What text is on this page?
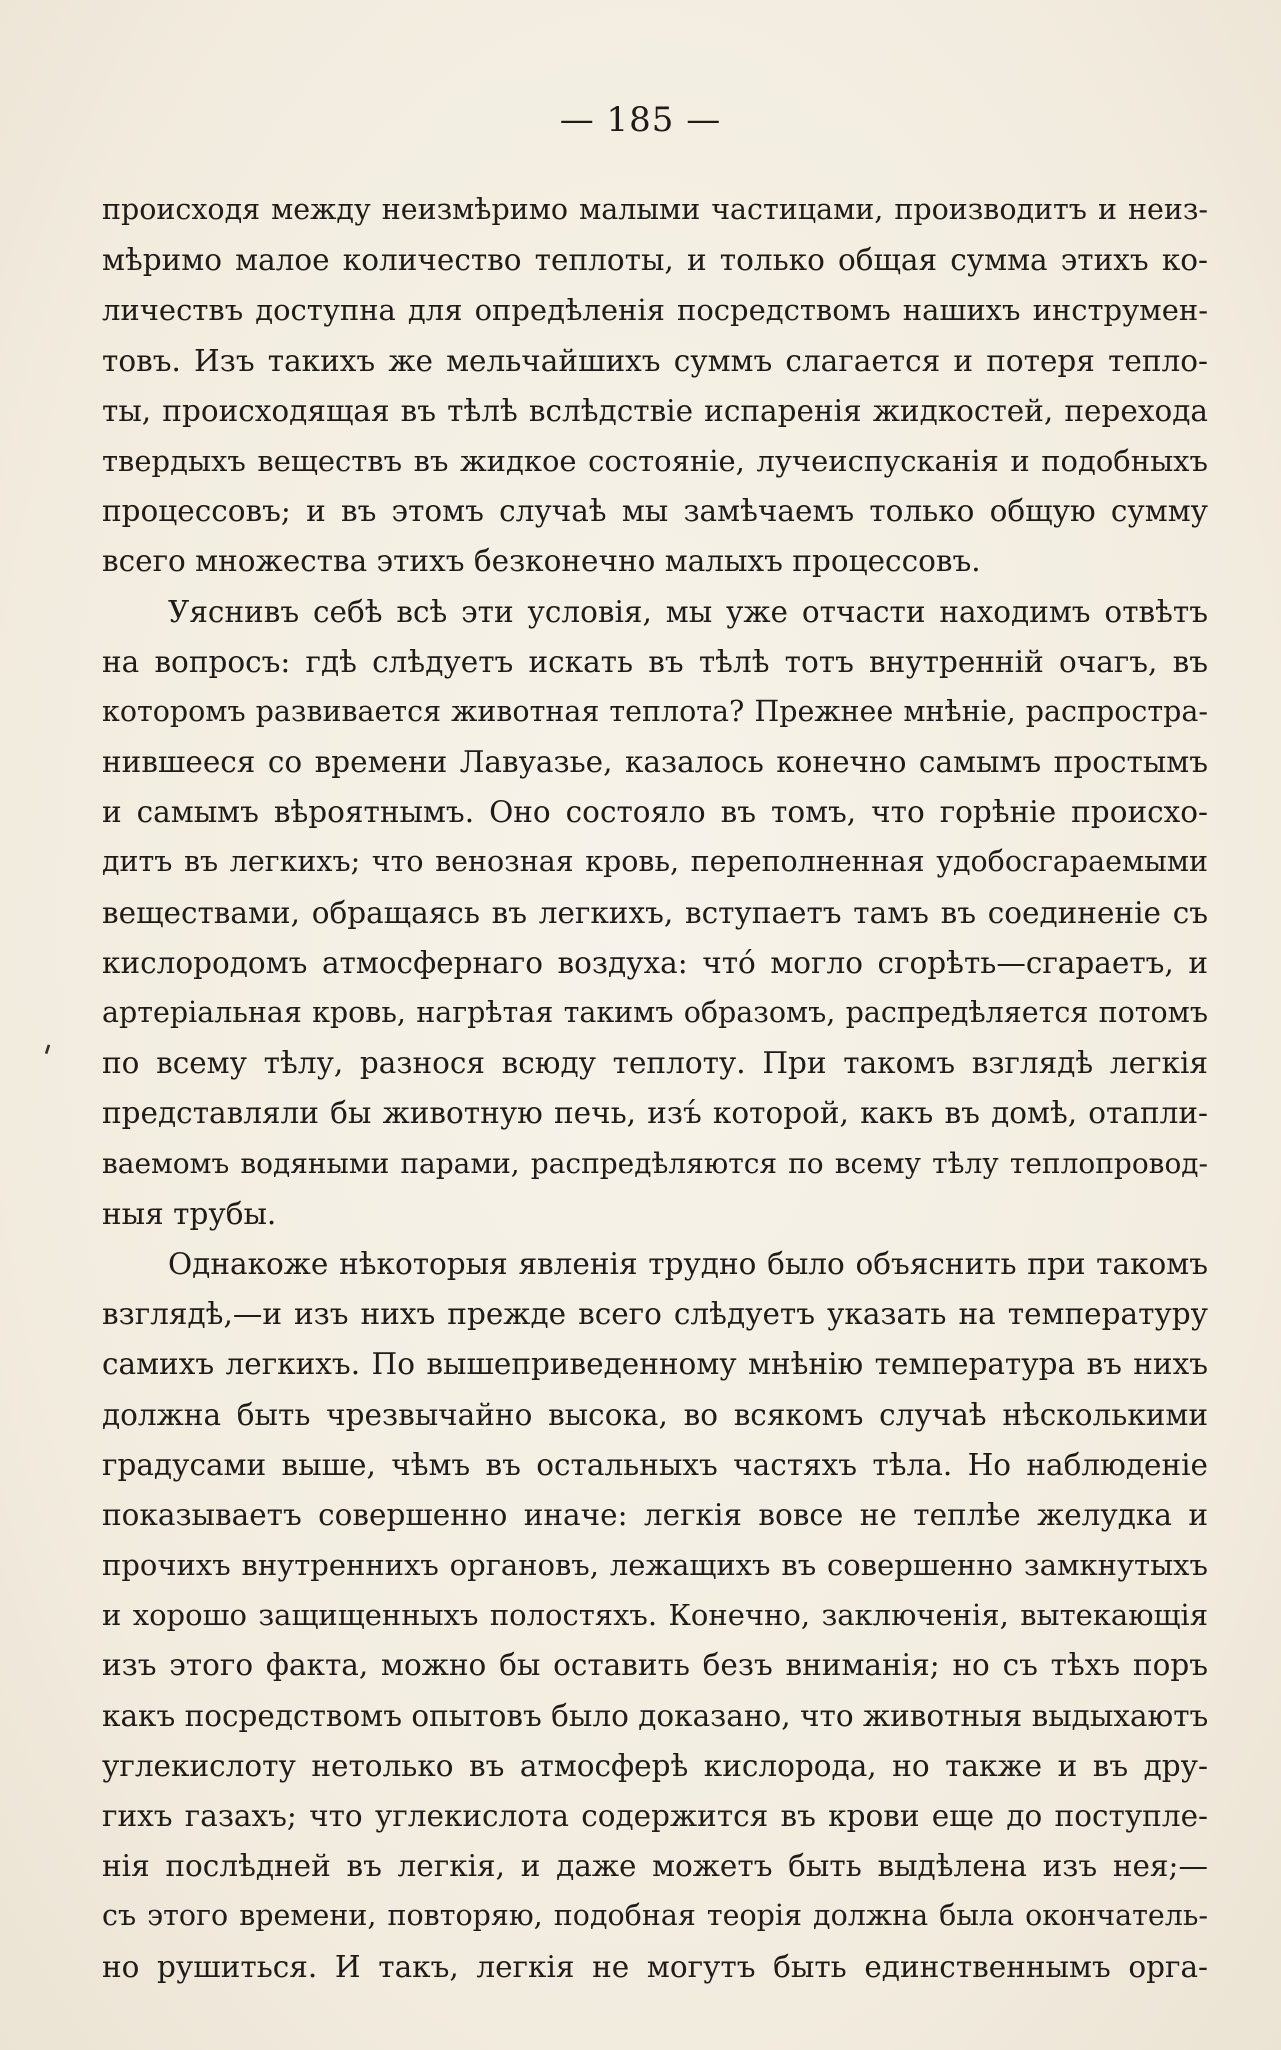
— 185 —
'
происходя между неизмѣримо малыми частицами, производитъ и неиз-
мѣримо малое количество теплоты, и только общая сумма этихъ ко-
личествъ доступна для опредѣленія посредствомъ нашихъ инструмен-
товъ. Изъ такихъ же мельчайшихъ суммъ слагается и потеря тепло-
ты, происходящая въ тѣлѣ вслѣдствіе испаренія жидкостей, перехода
твердыхъ веществъ въ жидкое состояніе, лучеиспусканія и подобныхъ
процессовъ; и въ этомъ случаѣ мы замѣчаемъ только общую сумму
всего множества этихъ безконечно малыхъ процессовъ.
Уяснивъ себѣ всѣ эти условія, мы уже отчасти находимъ отвѣтъ
на вопросъ: гдѣ слѣдуетъ искать въ тѣлѣ тотъ внутренній очагъ, въ
которомъ развивается животная теплота? Прежнее мнѣніе, распростра-
нившееся со времени Лавуазье, казалось конечно самымъ простымъ
и самымъ вѣроятнымъ. Оно состояло въ томъ, что горѣніе происхо-
дитъ въ легкихъ; что венозная кровь, переполненная удобосгараемыми
веществами, обращаясь въ легкихъ, вступаетъ тамъ въ соединеніе съ
кислородомъ атмосфернаго воздуха: что́ могло сгорѣть—сгараетъ, и
артеріальная кровь, нагрѣтая такимъ образомъ, распредѣляется потомъ
по всему тѣлу, разнося всюду теплоту. При такомъ взглядѣ легкія
представляли бы животную печь, изъ́ которой, какъ въ домѣ, отапли-
ваемомъ водяными парами, распредѣляются по всему тѣлу теплопровод-
ныя трубы.
Однакоже нѣкоторыя явленія трудно было объяснить при такомъ
взглядѣ,—и изъ нихъ прежде всего слѣдуетъ указать на температуру
самихъ легкихъ. По вышеприведенному мнѣнію температура въ нихъ
должна быть чрезвычайно высока, во всякомъ случаѣ нѣсколькими
градусами выше, чѣмъ въ остальныхъ частяхъ тѣла. Но наблюденіе
показываетъ совершенно иначе: легкія вовсе не теплѣе желудка и
прочихъ внутреннихъ органовъ, лежащихъ въ совершенно замкнутыхъ
и хорошо защищенныхъ полостяхъ. Конечно, заключенія, вытекающія
изъ этого факта, можно бы оставить безъ вниманія; но съ тѣхъ поръ
какъ посредствомъ опытовъ было доказано, что животныя выдыхаютъ
углекислоту нетолько въ атмосферѣ кислорода, но также и въ дру-
гихъ газахъ; что углекислота содержится въ крови еще до поступле-
нія послѣдней въ легкія, и даже можетъ быть выдѣлена изъ нея;—
съ этого времени, повторяю, подобная теорія должна была окончатель-
но рушиться. И такъ, легкія не могутъ быть единственнымъ орга-
